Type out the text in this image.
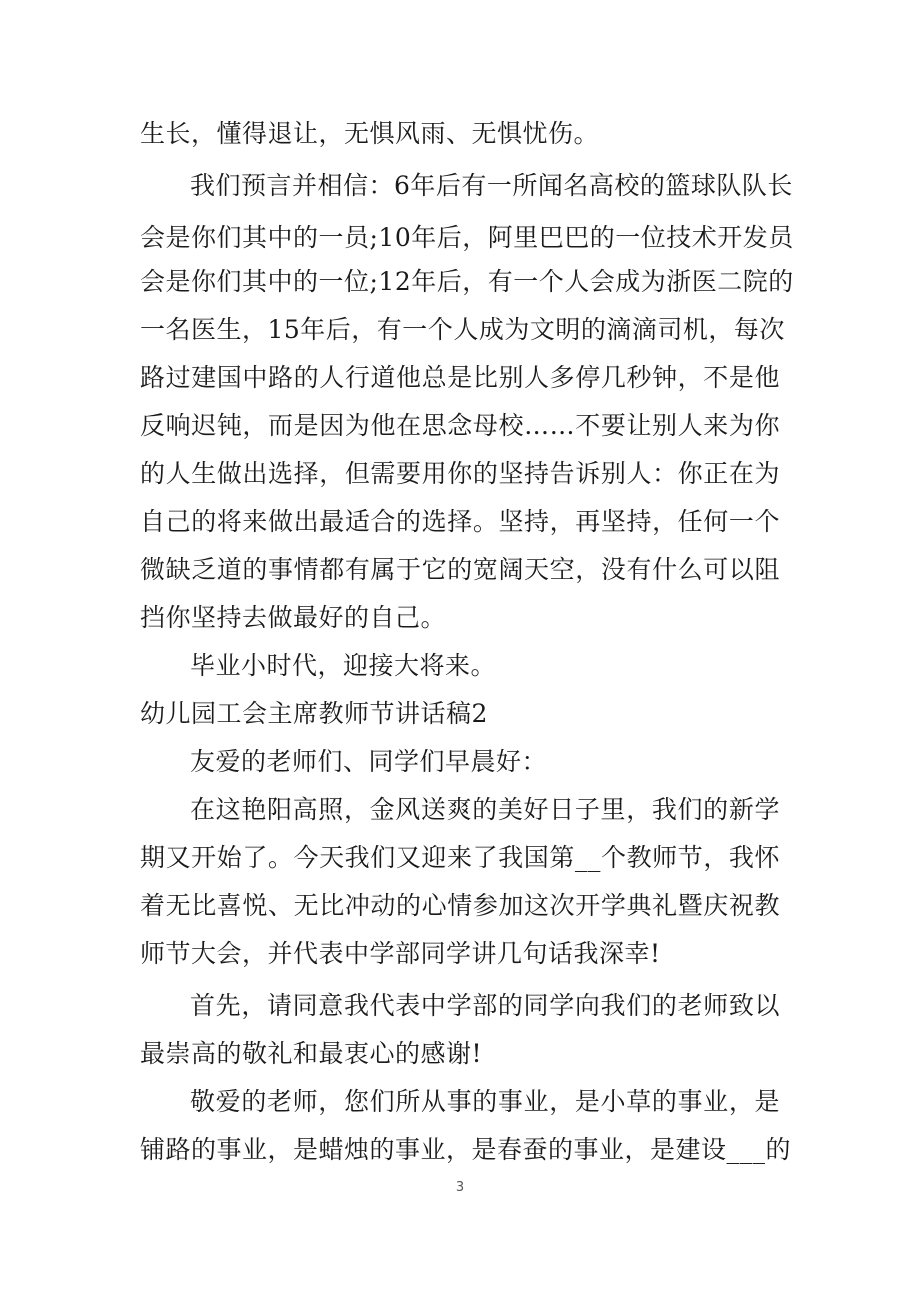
生长，懂得退让，无惧风雨、无惧忧伤。
我们预言并相信：6年后有一所闻名高校的篮球队队长
会是你们其中的一员;10年后，阿里巴巴的一位技术开发员
会是你们其中的一位;12年后，有一个人会成为浙医二院的
一名医生，15年后，有一个人成为文明的滴滴司机，每次
路过建国中路的人行道他总是比别人多停几秒钟，不是他
反响迟钝，而是因为他在思念母校……不要让别人来为你
的人生做出选择，但需要用你的坚持告诉别人：你正在为
自己的将来做出最适合的选择。坚持，再坚持，任何一个
微缺乏道的事情都有属于它的宽阔天空，没有什么可以阻
挡你坚持去做最好的自己。
毕业小时代，迎接大将来。
幼儿园工会主席教师节讲话稿2
友爱的老师们、同学们早晨好：
在这艳阳高照，金风送爽的美好日子里，我们的新学
期又开始了。今天我们又迎来了我国第__个教师节，我怀
着无比喜悦、无比冲动的心情参加这次开学典礼暨庆祝教
师节大会，并代表中学部同学讲几句话我深幸!
首先，请同意我代表中学部的同学向我们的老师致以
最崇高的敬礼和最衷心的感谢!
敬爱的老师，您们所从事的事业，是小草的事业，是
铺路的事业，是蜡烛的事业，是春蚕的事业，是建设___的
3
